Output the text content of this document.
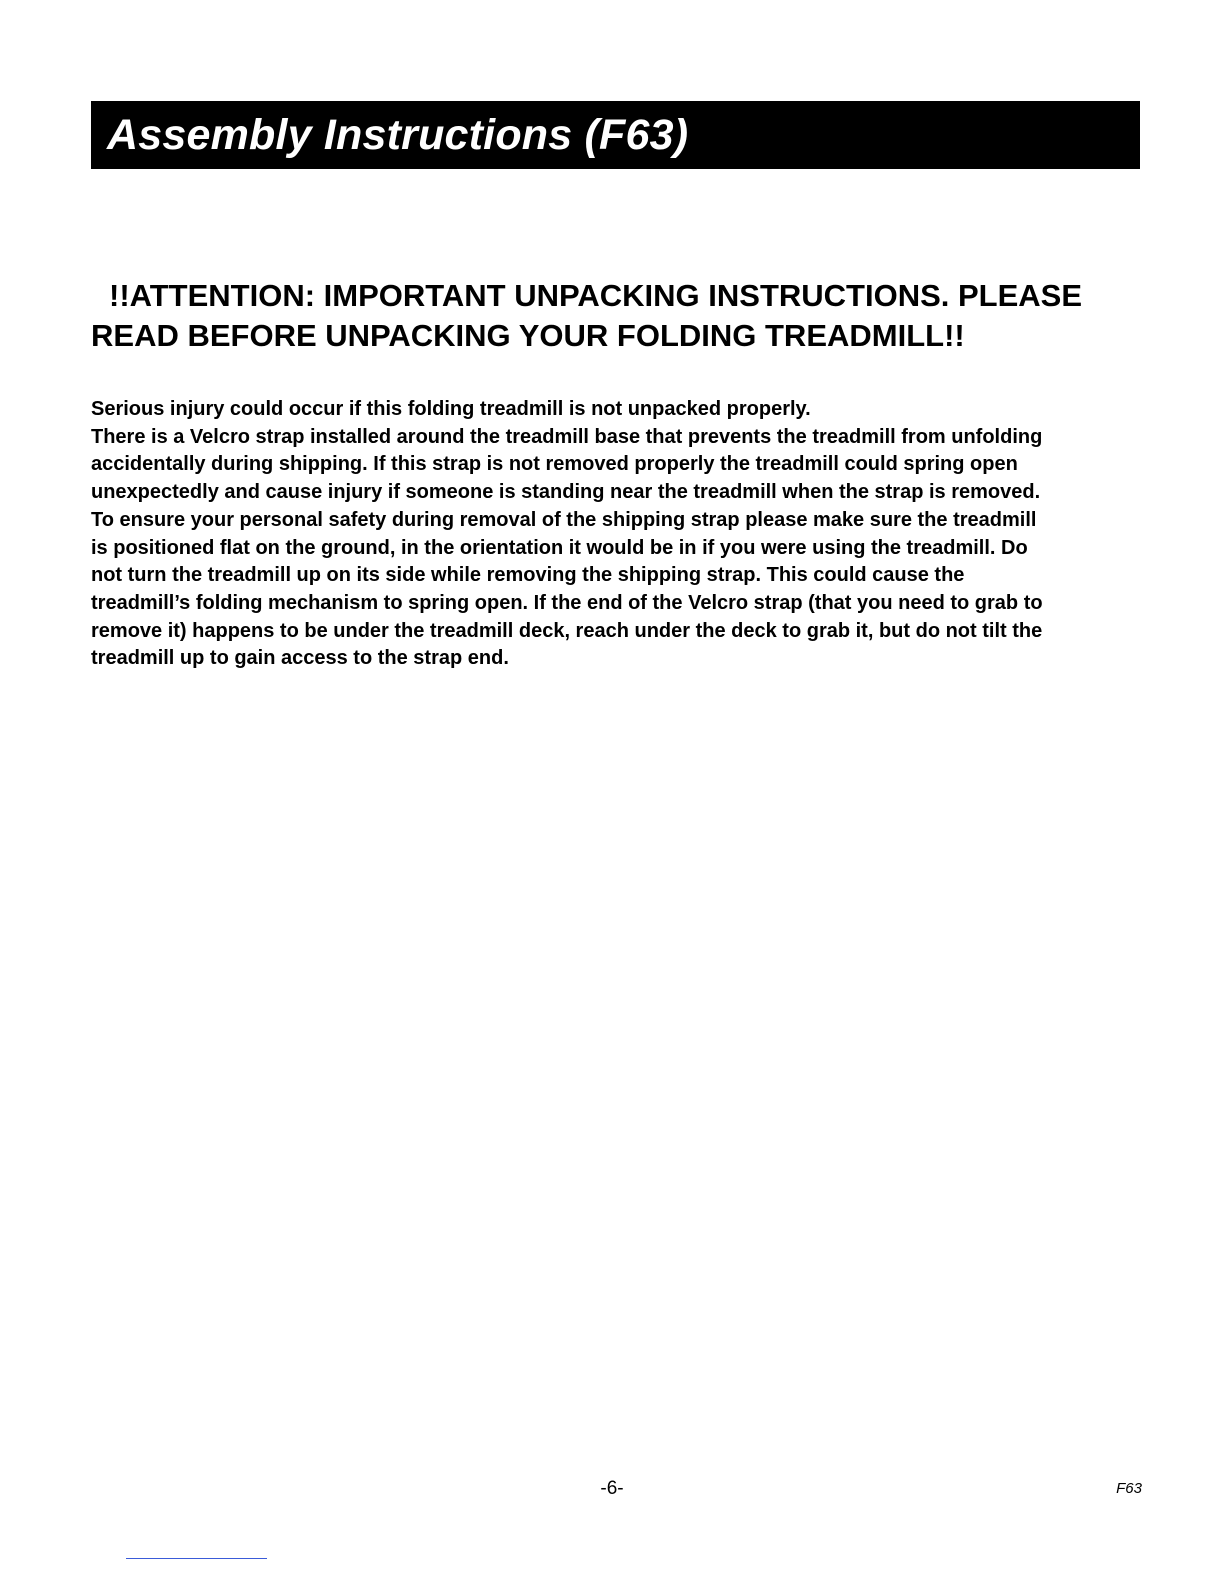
Assembly Instructions (F63)
!!ATTENTION: IMPORTANT UNPACKING INSTRUCTIONS. PLEASE
READ BEFORE UNPACKING YOUR FOLDING TREADMILL!!
Serious injury could occur if this folding treadmill is not unpacked properly.
There is a Velcro strap installed around the treadmill base that prevents the treadmill from unfolding
accidentally during shipping. If this strap is not removed properly the treadmill could spring open
unexpectedly and cause injury if someone is standing near the treadmill when the strap is removed.
To ensure your personal safety during removal of the shipping strap please make sure the treadmill
is positioned flat on the ground, in the orientation it would be in if you were using the treadmill. Do
not turn the treadmill up on its side while removing the shipping strap. This could cause the
treadmill’s folding mechanism to spring open. If the end of the Velcro strap (that you need to grab to
remove it) happens to be under the treadmill deck, reach under the deck to grab it, but do not tilt the
treadmill up to gain access to the strap end.
-6-	F63
